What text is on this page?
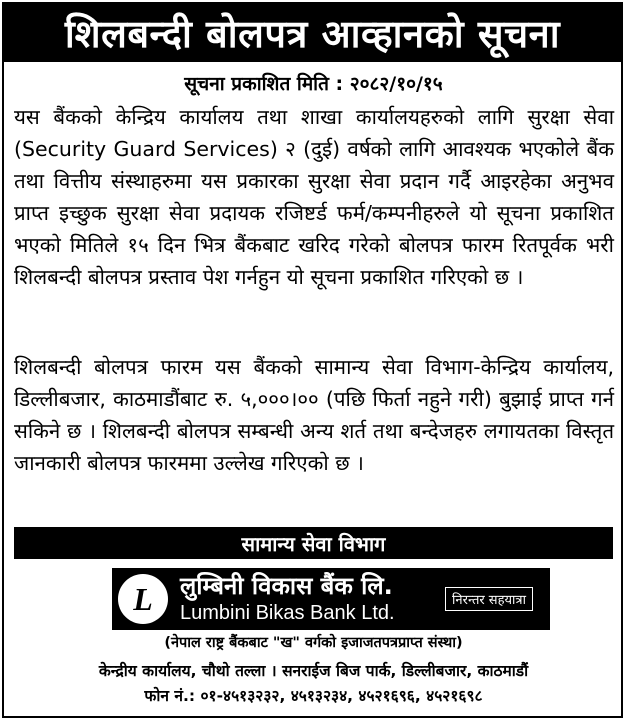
शिलबन्दी बोलपत्र आव्हानको सूचना
सूचना प्रकाशित मिति : २०८२/१०/१५
यस बैंकको केन्द्रिय कार्यालय तथा शाखा कार्यालयहरुको लागि सुरक्षा सेवा (Security Guard Services) २ (दुई) वर्षको लागि आवश्यक भएकोले बैंक तथा वित्तीय संस्थाहरुमा यस प्रकारका सुरक्षा सेवा प्रदान गर्दै आइरहेका अनुभव प्राप्त इच्छुक सुरक्षा सेवा प्रदायक रजिष्टर्ड फर्म/कम्पनीहरुले यो सूचना प्रकाशित भएको मितिले १५ दिन भित्र बैंकबाट खरिद गरेको बोलपत्र फारम रितपूर्वक भरी शिलबन्दी बोलपत्र प्रस्ताव पेश गर्नहुन यो सूचना प्रकाशित गरिएको छ ।
शिलबन्दी बोलपत्र फारम यस बैंकको सामान्य सेवा विभाग-केन्द्रिय कार्यालय, डिल्लीबजार, काठमाडौंबाट रु. ५,०००।०० (पछि फिर्ता नहुने गरी) बुझाई प्राप्त गर्न सकिने छ । शिलबन्दी बोलपत्र सम्बन्धी अन्य शर्त तथा बन्देजहरु लगायतका विस्तृत जानकारी बोलपत्र फारममा उल्लेख गरिएको छ ।
सामान्य सेवा विभाग
L लुम्बिनी विकास बैंक लि.
Lumbini Bikas Bank Ltd.
निरन्तर सहयात्रा
(नेपाल राष्ट्र बैंकबाट "ख" वर्गको इजाजतपत्रप्राप्त संस्था)
केन्द्रीय कार्यालय, चौथो तल्ला । सनराईज बिज पार्क, डिल्लीबजार, काठमाडौं
फोन नं.: ०१-४५१३२३२, ४५१३२३४, ४५२१६९६, ४५२१६९८
